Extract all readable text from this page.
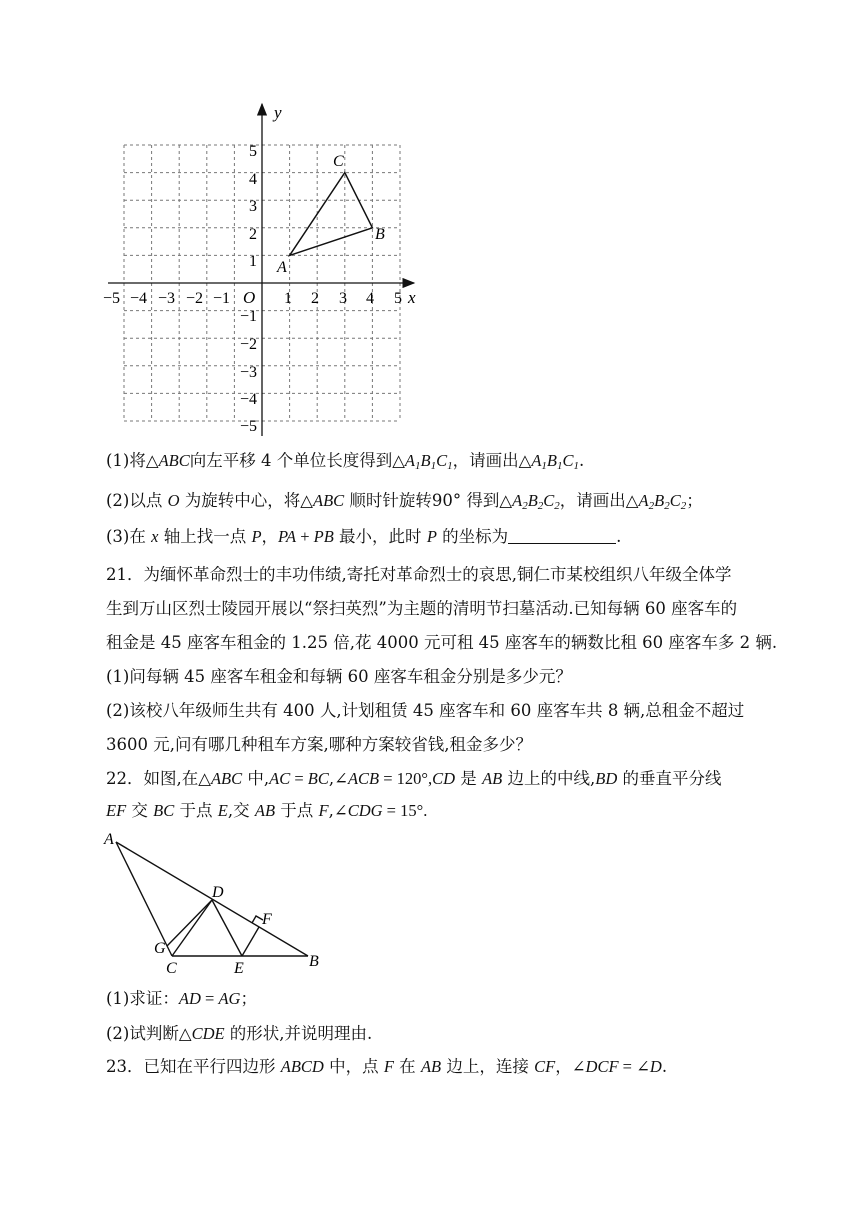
y
x
O
A
B
C
−5 −4 −3 −2 −1	1 2 3 4 5
1
2
3
4
5
−1
−2
−3
−4
−5
(1)将△ABC向左平移 4 个单位长度得到$\triangle A_1B_1C_1$，请画出$\triangle A_1B_1C_1$.
(2)以点 O 为旋转中心，将△ABC 顺时针旋转90° 得到$\triangle A_2B_2C_2$，请画出$\triangle A_2B_2C_2$；
(3)在 x 轴上找一点 P，PA + PB 最小，此时 P 的坐标为	.
21．为缅怀革命烈士的丰功伟绩,寄托对革命烈士的哀思,铜仁市某校组织八年级全体学
生到万山区烈士陵园开展以“祭扫英烈”为主题的清明节扫墓活动.已知每辆 60 座客车的
租金是 45 座客车租金的 1.25 倍,花 4000 元可租 45 座客车的辆数比租 60 座客车多 2 辆.
(1)问每辆 45 座客车租金和每辆 60 座客车租金分别是多少元？
(2)该校八年级师生共有 400 人,计划租赁 45 座客车和 60 座客车共 8 辆,总租金不超过
3600 元,问有哪几种租车方案,哪种方案较省钱,租金多少？
22．如图,在△ABC 中,AC = BC,∠ACB = 120°,CD 是 AB 边上的中线,BD 的垂直平分线
EF 交 BC 于点 E,交 AB 于点 F,∠CDG = 15°.
A
D
F
G
C	E	B
(1)求证：AD = AG；
(2)试判断△CDE 的形状,并说明理由.
23．已知在平行四边形 ABCD 中，点 F 在 AB 边上，连接 CF，∠DCF = ∠D.
